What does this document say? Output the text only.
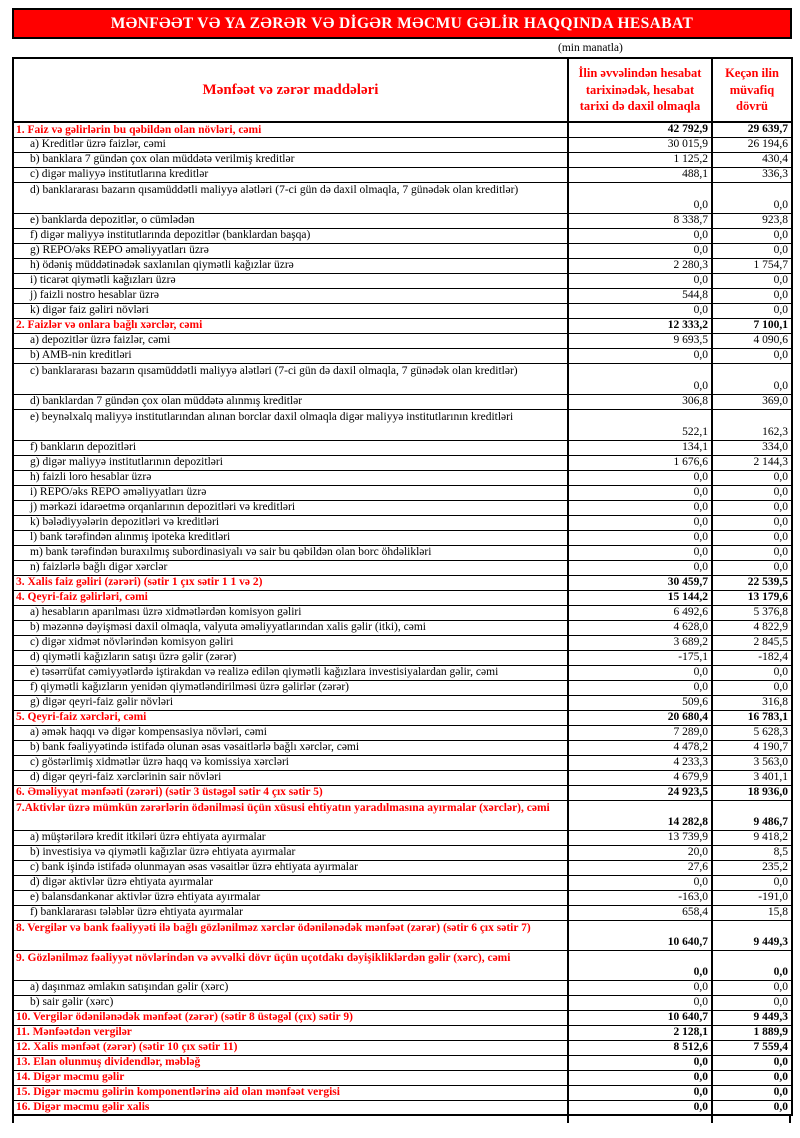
MƏNFƏƏT VƏ YA ZƏRƏR VƏ DİGƏR MƏCMU GƏLİR HAQQINDA HESABAT
(min manatla)
Mənfəət və zərər maddələri	İlin əvvəlindən hesabat tarixinədək, hesabat tarixi də daxil olmaqla	Keçən ilin müvafiq dövrü
1. Faiz və gəlirlərin bu qəbildən olan növləri, cəmi	42 792,9	29 639,7
a) Kreditlər üzrə faizlər, cəmi	30 015,9	26 194,6
b) banklara 7 gündən çox olan müddətə verilmiş kreditlər	1 125,2	430,4
c) digər maliyyə institutlarına kreditlər	488,1	336,3
d) banklararası bazarın qısamüddətli maliyyə alətləri (7-ci gün də daxil olmaqla, 7 günədək olan kreditlər)	0,0	0,0
e) banklarda depozitlər, o cümlədən	8 338,7	923,8
f) digər maliyyə institutlarında depozitlər (banklardan başqa)	0,0	0,0
g) REPO/əks REPO əməliyyatları üzrə	0,0	0,0
h) ödəniş müddətinədək saxlanılan qiymətli kağızlar üzrə	2 280,3	1 754,7
i) ticarət qiymətli kağızları üzrə	0,0	0,0
j) faizli nostro hesablar üzrə	544,8	0,0
k) digər faiz gəliri növləri	0,0	0,0
2. Faizlər və onlara bağlı xərclər, cəmi	12 333,2	7 100,1
a) depozitlər üzrə faizlər, cəmi	9 693,5	4 090,6
b) AMB-nin kreditləri	0,0	0,0
c) banklararası bazarın qısamüddətli maliyyə alətləri (7-ci gün də daxil olmaqla, 7 günədək olan kreditlər)	0,0	0,0
d) banklardan 7 gündən çox olan müddətə alınmış kreditlər	306,8	369,0
e) beynəlxalq maliyyə institutlarından alınan borclar daxil olmaqla digər maliyyə institutlarının kreditləri	522,1	162,3
f) bankların depozitləri	134,1	334,0
g) digər maliyyə institutlarının depozitləri	1 676,6	2 144,3
h) faizli loro hesablar üzrə	0,0	0,0
i) REPO/əks REPO əməliyyatları üzrə	0,0	0,0
j) mərkəzi idarəetmə orqanlarının depozitləri və kreditləri	0,0	0,0
k) bələdiyyələrin depozitləri və kreditləri	0,0	0,0
l) bank tərəfindən alınmış ipoteka kreditləri	0,0	0,0
m) bank tərəfindən buraxılmış subordinasiyalı və sair bu qəbildən olan borc öhdəlikləri	0,0	0,0
n) faizlərlə bağlı digər xərclər	0,0	0,0
3. Xalis faiz gəliri (zərəri) (sətir 1 çıx sətir 1 1 və 2)	30 459,7	22 539,5
4. Qeyri-faiz gəlirləri, cəmi	15 144,2	13 179,6
a) hesabların aparılması üzrə xidmətlərdən komisyon gəliri	6 492,6	5 376,8
b) məzənnə dəyişməsi daxil olmaqla, valyuta əməliyyatlarından xalis gəlir (itki), cəmi	4 628,0	4 822,9
c) digər xidmət növlərindən komisyon gəliri	3 689,2	2 845,5
d) qiymətli kağızların satışı üzrə gəlir (zərər)	-175,1	-182,4
e) təsərrüfat cəmiyyətlərdə iştirakdan və realizə edilən qiymətli kağızlara investisiyalardan gəlir, cəmi	0,0	0,0
f) qiymətli kağızların yenidən qiymətləndirilməsi üzrə gəlirlər (zərər)	0,0	0,0
g) digər qeyri-faiz gəlir növləri	509,6	316,8
5. Qeyri-faiz xərcləri, cəmi	20 680,4	16 783,1
a) əmək haqqı və digər kompensasiya növləri, cəmi	7 289,0	5 628,3
b) bank fəaliyyətində istifadə olunan əsas vəsaitlərlə bağlı xərclər, cəmi	4 478,2	4 190,7
c) göstərlimiş xidmətlər üzrə haqq və komissiya xərcləri	4 233,3	3 563,0
d) digər qeyri-faiz xərclərinin sair növləri	4 679,9	3 401,1
6. Əməliyyat mənfəəti (zərəri) (sətir 3 üstəgəl sətir 4 çıx sətir 5)	24 923,5	18 936,0
7.Aktivlər üzrə mümkün zərərlərin ödənilməsi üçün xüsusi ehtiyatın yaradılmasına ayırmalar (xərclər), cəmi	14 282,8	9 486,7
a) müştərilərə kredit itkiləri üzrə ehtiyata ayırmalar	13 739,9	9 418,2
b) investisiya və qiymətli kağızlar üzrə ehtiyata ayırmalar	20,0	8,5
c) bank işində istifadə olunmayan əsas vəsaitlər üzrə ehtiyata ayırmalar	27,6	235,2
d) digər aktivlər üzrə ehtiyata ayırmalar	0,0	0,0
e) balansdankənar aktivlər üzrə ehtiyata ayırmalar	-163,0	-191,0
f) banklararası tələblər üzrə ehtiyata ayırmalar	658,4	15,8
8. Vergilər və bank fəaliyyəti ilə bağlı gözlənilməz xərclər ödənilənədək mənfəət (zərər) (sətir 6 çıx sətir 7)	10 640,7	9 449,3
9. Gözlənilməz fəaliyyət növlərindən və əvvəlki dövr üçün uçotdakı dəyişikliklərdən gəlir (xərc), cəmi	0,0	0,0
a) daşınmaz əmlakın satışından gəlir (xərc)	0,0	0,0
b) sair gəlir (xərc)	0,0	0,0
10. Vergilər ödənilənədək mənfəət (zərər) (sətir 8 üstəgəl (çıx) sətir 9)	10 640,7	9 449,3
11. Mənfəətdən vergilər	2 128,1	1 889,9
12. Xalis mənfəət (zərər) (sətir 10 çıx sətir 11)	8 512,6	7 559,4
13. Elan olunmuş dividendlər, məbləğ	0,0	0,0
14. Digər məcmu gəlir	0,0	0,0
15. Digər məcmu gəlirin komponentlərinə aid olan mənfəət vergisi	0,0	0,0
16. Digər məcmu gəlir xalis	0,0	0,0
